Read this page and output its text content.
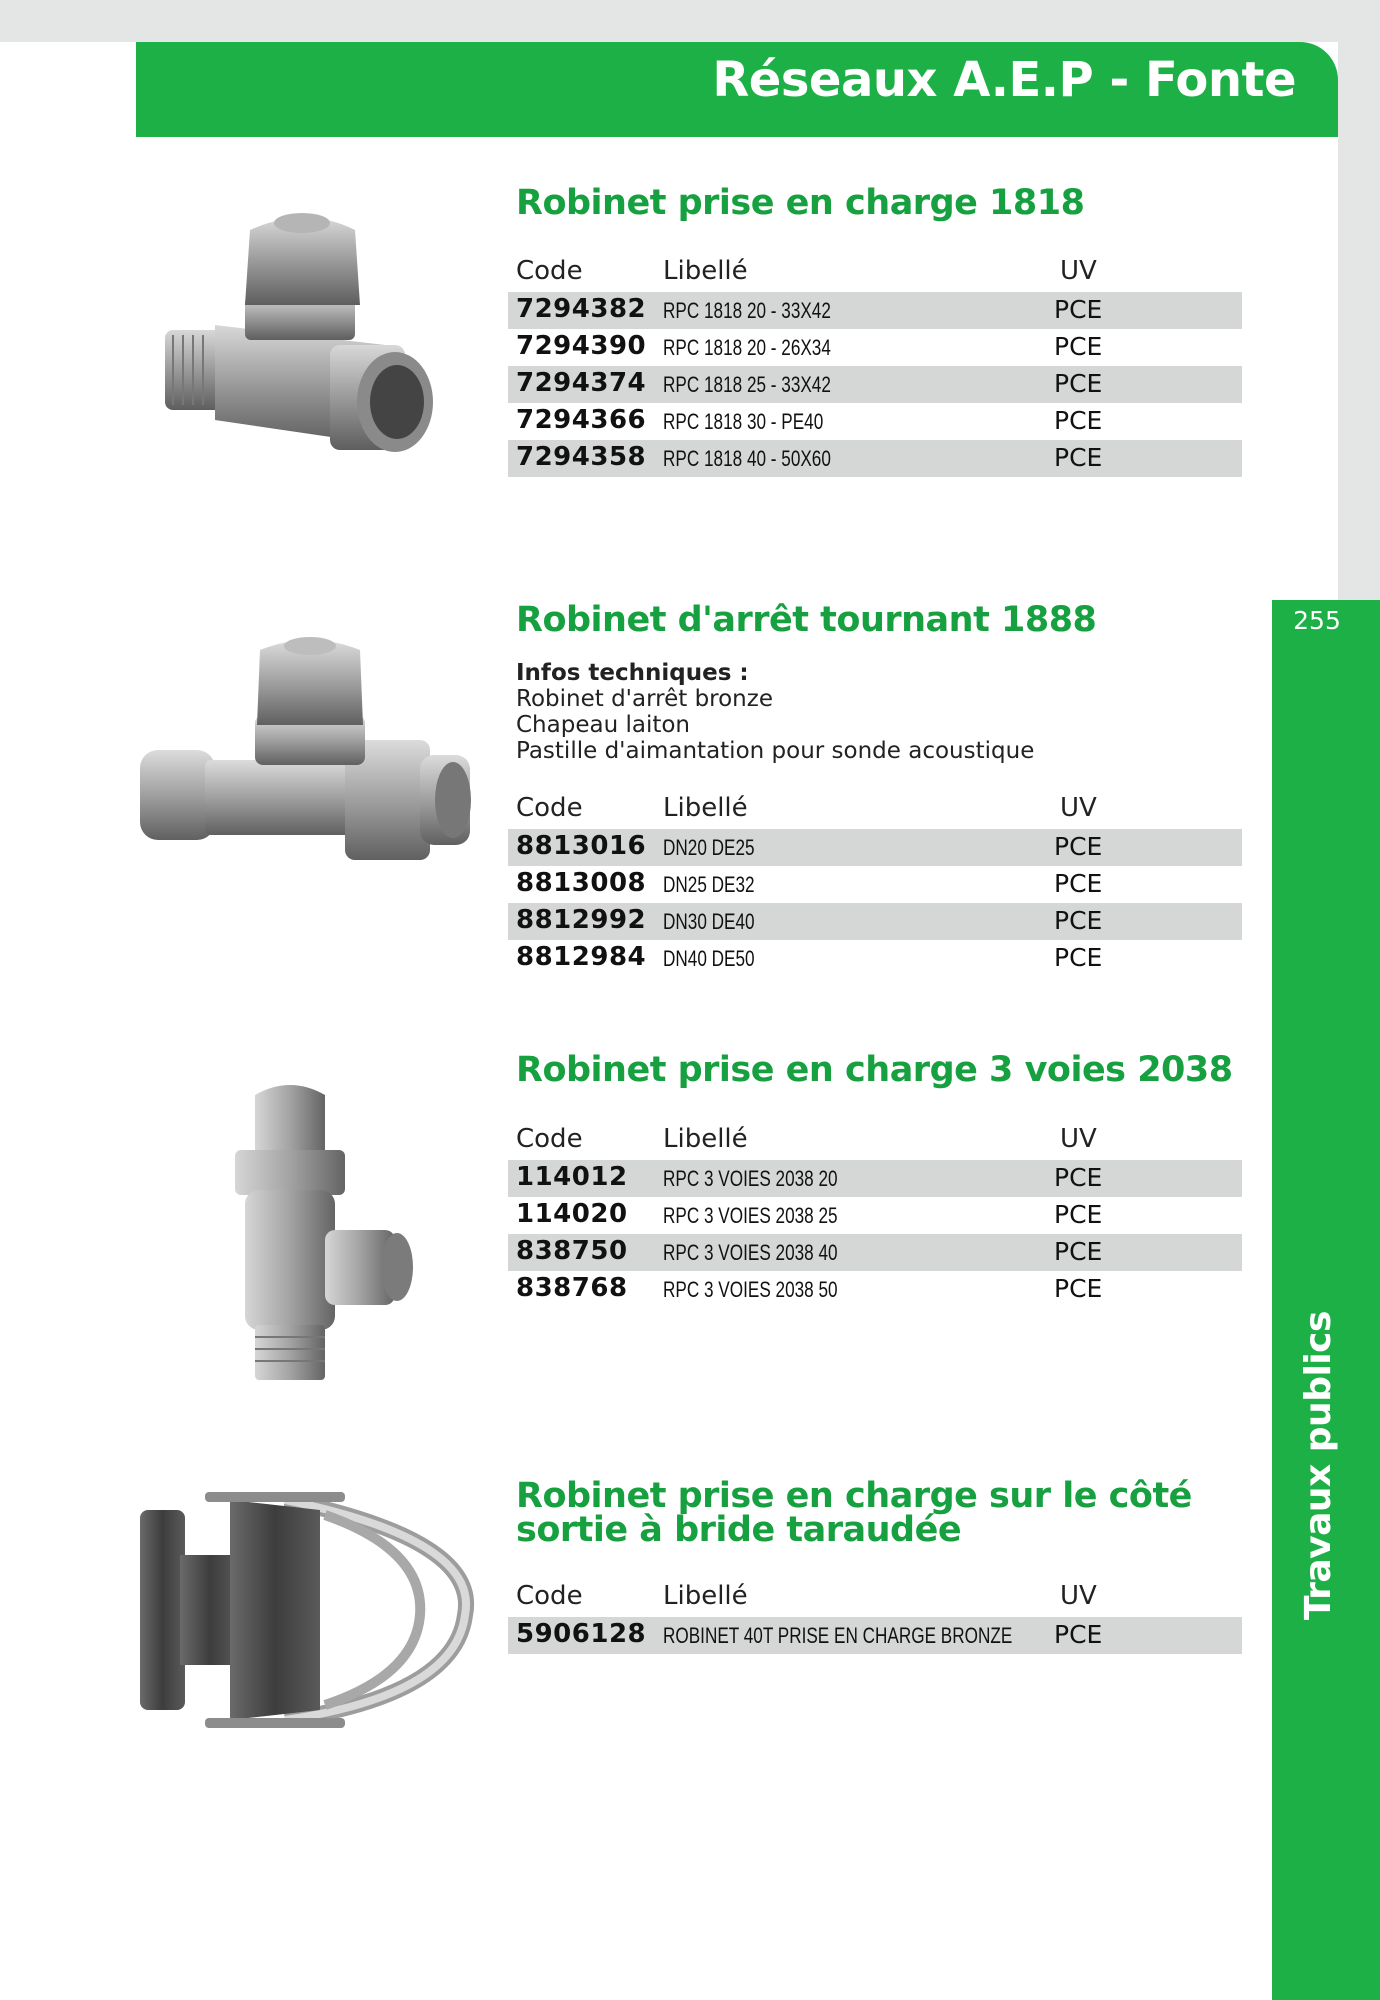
Réseaux A.E.P - Fonte
255
Travaux publics
Robinet prise en charge 1818
Code	Libellé	UV
7294382 RPC 1818 20 - 33X42	PCE
7294390 RPC 1818 20 - 26X34	PCE
7294374 RPC 1818 25 - 33X42	PCE
7294366 RPC 1818 30 - PE40	PCE
7294358 RPC 1818 40 - 50X60	PCE
Robinet d'arrêt tournant 1888
Infos techniques :
Robinet d'arrêt bronze
Chapeau laiton
Pastille d'aimantation pour sonde acoustique
Code	Libellé	UV
8813016 DN20 DE25	PCE
8813008 DN25 DE32	PCE
8812992 DN30 DE40	PCE
8812984 DN40 DE50	PCE
Robinet prise en charge 3 voies 2038
Code	Libellé	UV
114012 RPC 3 VOIES 2038 20	PCE
114020 RPC 3 VOIES 2038 25	PCE
838750 RPC 3 VOIES 2038 40	PCE
838768 RPC 3 VOIES 2038 50	PCE
Robinet prise en charge sur le côté
sortie à bride taraudée
Code	Libellé	UV
5906128 ROBINET 40T PRISE EN CHARGE BRONZE PCE
